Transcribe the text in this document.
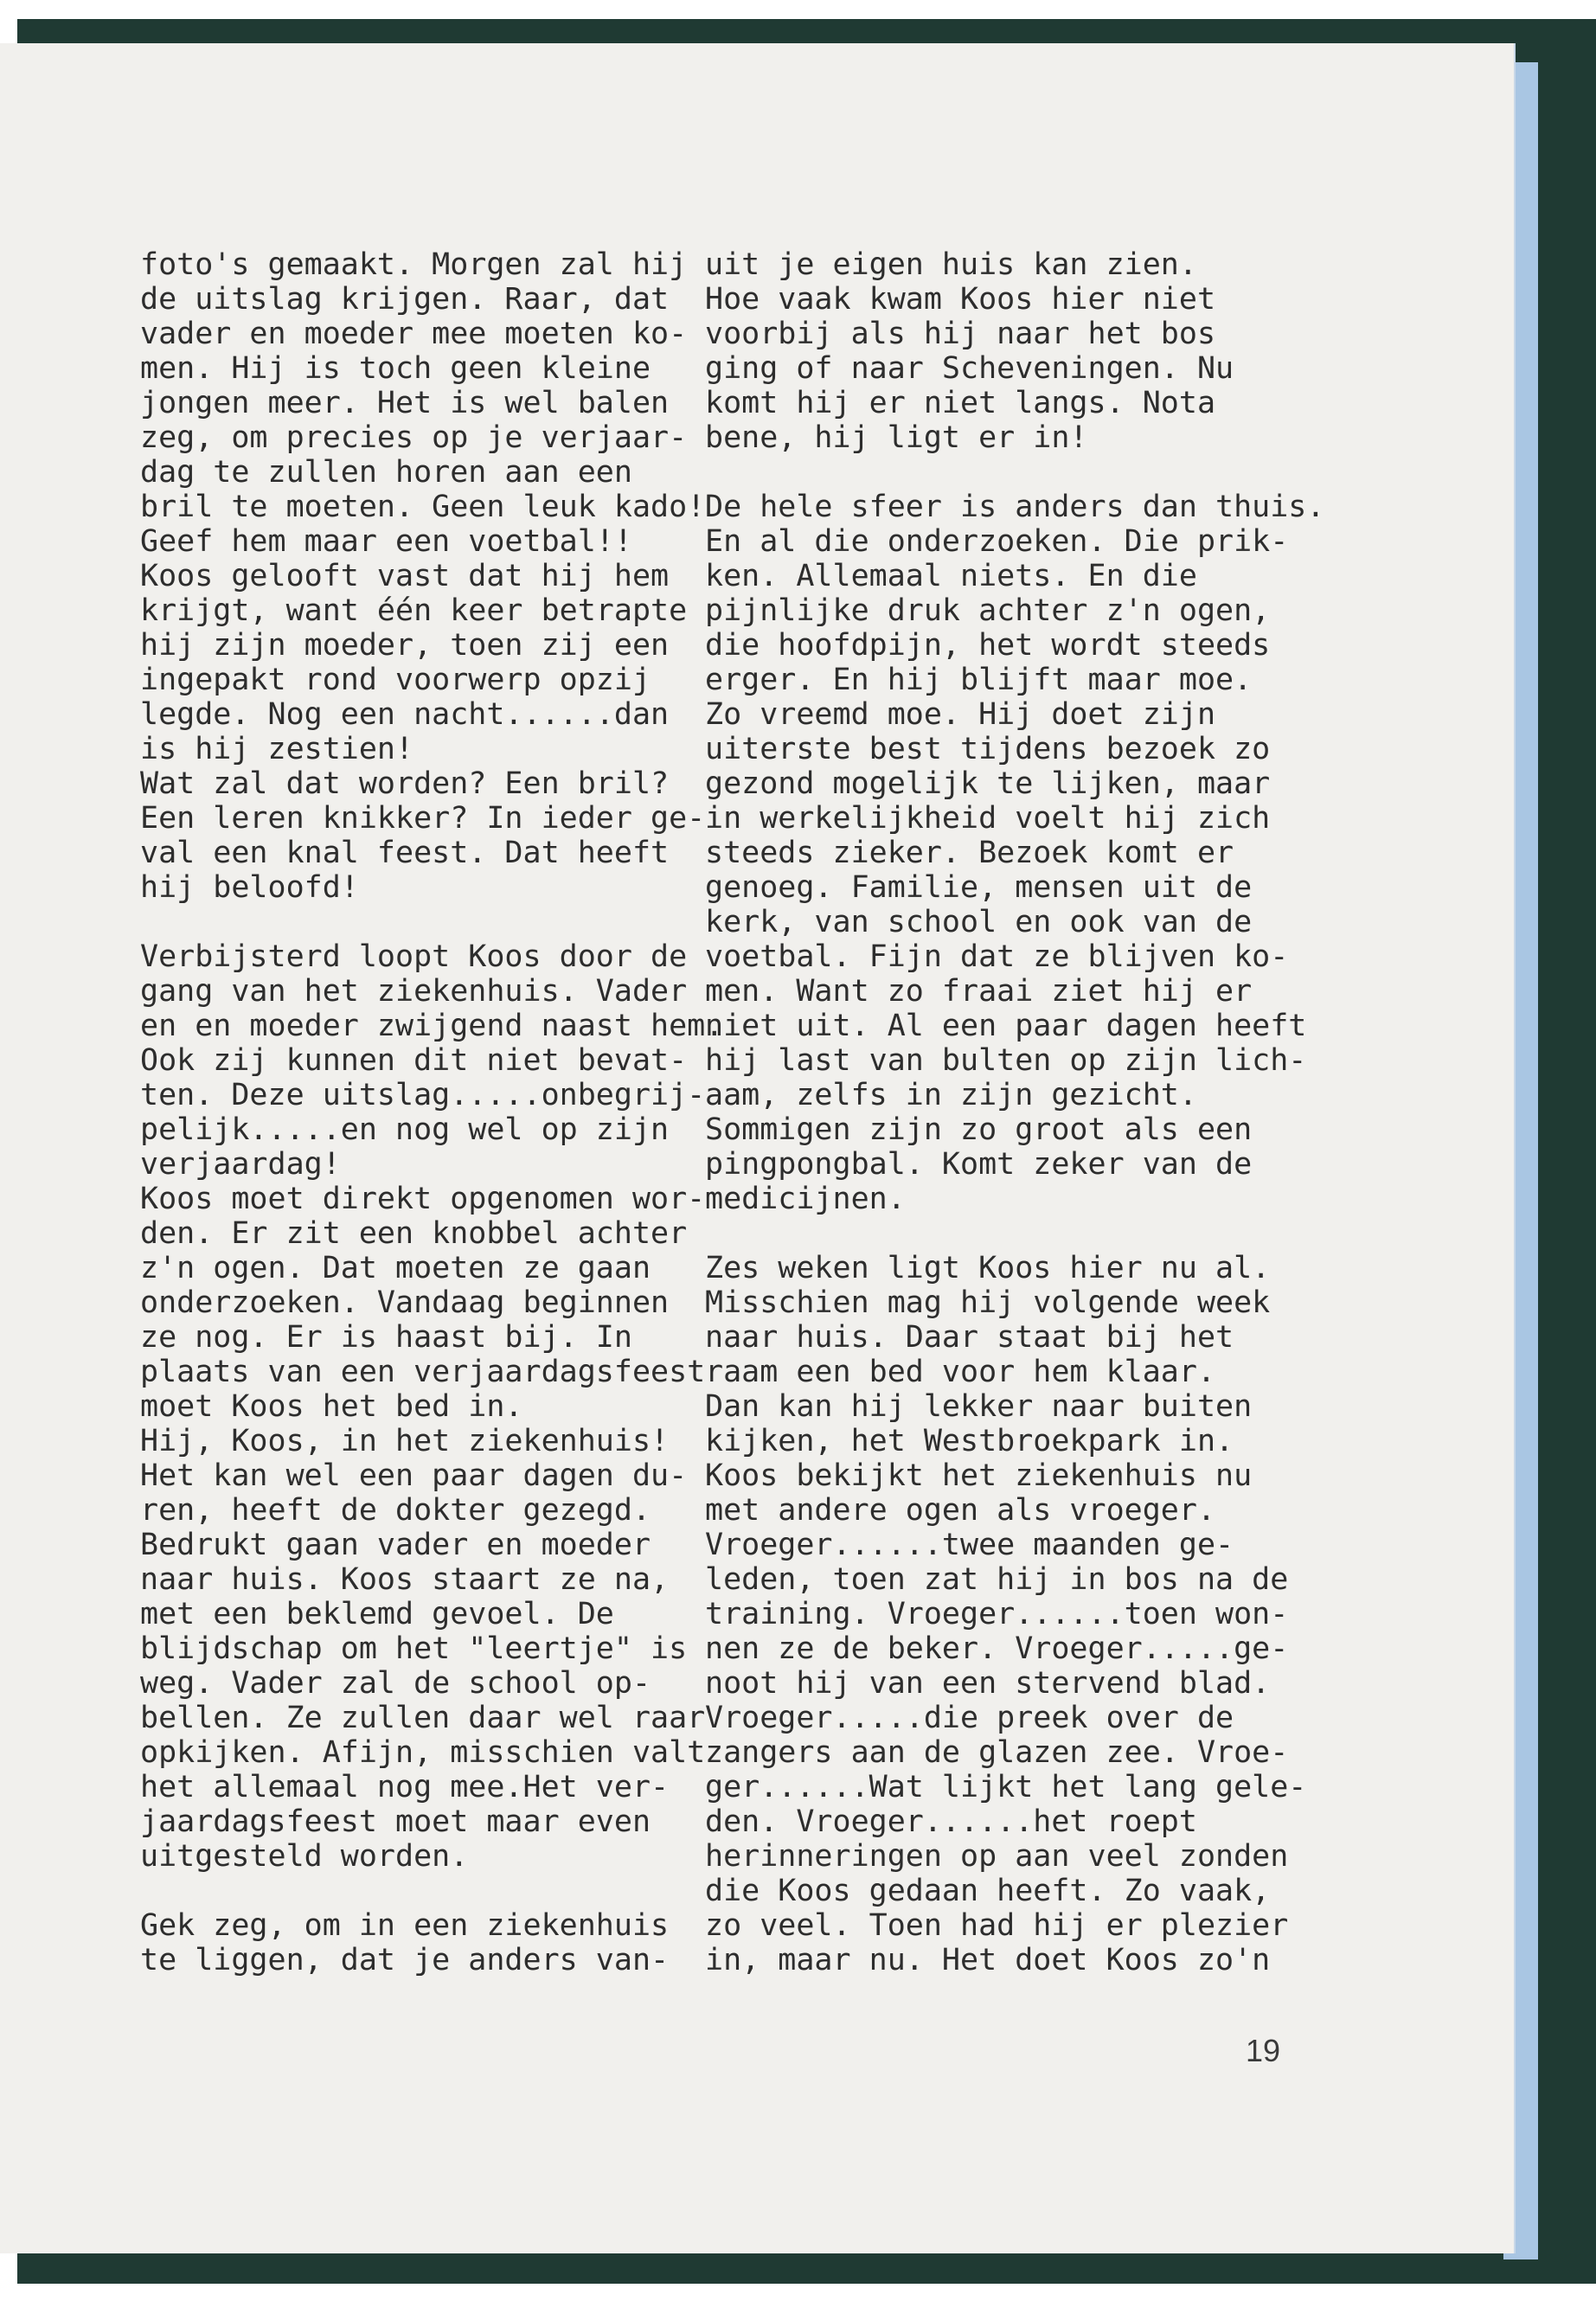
foto's gemaakt. Morgen zal hij
de uitslag krijgen. Raar, dat
vader en moeder mee moeten ko-
men. Hij is toch geen kleine
jongen meer. Het is wel balen
zeg, om precies op je verjaar-
dag te zullen horen aan een
bril te moeten. Geen leuk kado!
Geef hem maar een voetbal!!
Koos gelooft vast dat hij hem
krijgt, want één keer betrapte
hij zijn moeder, toen zij een
ingepakt rond voorwerp opzij
legde. Nog een nacht......dan
is hij zestien!
Wat zal dat worden? Een bril?
Een leren knikker? In ieder ge-
val een knal feest. Dat heeft
hij beloofd!
Verbijsterd loopt Koos door de
gang van het ziekenhuis. Vader
en en moeder zwijgend naast hem.
Ook zij kunnen dit niet bevat-
ten. Deze uitslag.....onbegrij-
pelijk.....en nog wel op zijn
verjaardag!
Koos moet direkt opgenomen wor-
den. Er zit een knobbel achter
z'n ogen. Dat moeten ze gaan
onderzoeken. Vandaag beginnen
ze nog. Er is haast bij. In
plaats van een verjaardagsfeest
moet Koos het bed in.
Hij, Koos, in het ziekenhuis!
Het kan wel een paar dagen du-
ren, heeft de dokter gezegd.
Bedrukt gaan vader en moeder
naar huis. Koos staart ze na,
met een beklemd gevoel. De
blijdschap om het "leertje" is
weg. Vader zal de school op-
bellen. Ze zullen daar wel raar
opkijken. Afijn, misschien valt
het allemaal nog mee.Het ver-
jaardagsfeest moet maar even
uitgesteld worden.
Gek zeg, om in een ziekenhuis
te liggen, dat je anders van-
uit je eigen huis kan zien.
Hoe vaak kwam Koos hier niet
voorbij als hij naar het bos
ging of naar Scheveningen. Nu
komt hij er niet langs. Nota
bene, hij ligt er in!
De hele sfeer is anders dan thuis.
En al die onderzoeken. Die prik-
ken. Allemaal niets. En die
pijnlijke druk achter z'n ogen,
die hoofdpijn, het wordt steeds
erger. En hij blijft maar moe.
Zo vreemd moe. Hij doet zijn
uiterste best tijdens bezoek zo
gezond mogelijk te lijken, maar
in werkelijkheid voelt hij zich
steeds zieker. Bezoek komt er
genoeg. Familie, mensen uit de
kerk, van school en ook van de
voetbal. Fijn dat ze blijven ko-
men. Want zo fraai ziet hij er
niet uit. Al een paar dagen heeft
hij last van bulten op zijn lich-
aam, zelfs in zijn gezicht.
Sommigen zijn zo groot als een
pingpongbal. Komt zeker van de
medicijnen.
Zes weken ligt Koos hier nu al.
Misschien mag hij volgende week
naar huis. Daar staat bij het
raam een bed voor hem klaar.
Dan kan hij lekker naar buiten
kijken, het Westbroekpark in.
Koos bekijkt het ziekenhuis nu
met andere ogen als vroeger.
Vroeger......twee maanden ge-
leden, toen zat hij in bos na de
training. Vroeger......toen won-
nen ze de beker. Vroeger.....ge-
noot hij van een stervend blad.
Vroeger.....die preek over de
zangers aan de glazen zee. Vroe-
ger......Wat lijkt het lang gele-
den. Vroeger......het roept
herinneringen op aan veel zonden
die Koos gedaan heeft. Zo vaak,
zo veel. Toen had hij er plezier
in, maar nu. Het doet Koos zo'n
19
